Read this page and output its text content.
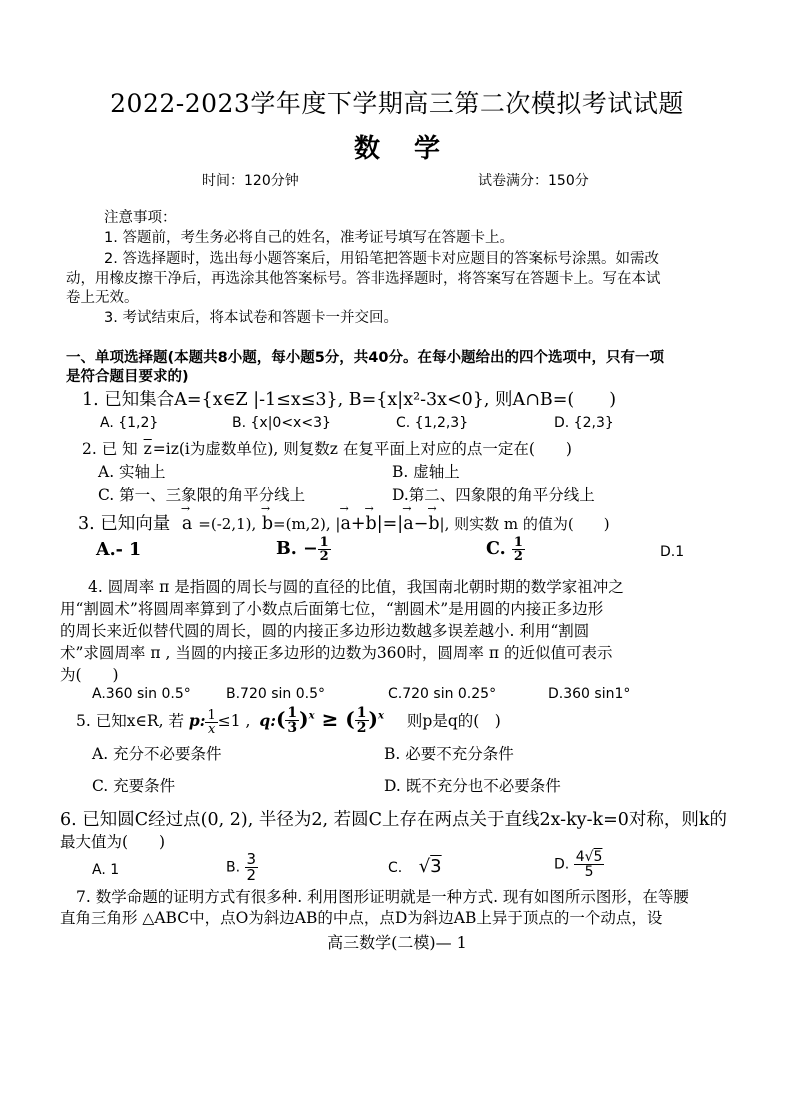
2022-2023学年度下学期高三第二次模拟考试试题
数学
时间：120分钟	试卷满分：150分
注意事项：
1. 答题前，考生务必将自己的姓名，准考证号填写在答题卡上。
2. 答选择题时，选出每小题答案后，用铅笔把答题卡对应题目的答案标号涂黑。如需改
动，用橡皮擦干净后，再选涂其他答案标号。答非选择题时，将答案写在答题卡上。写在本试
卷上无效。
3. 考试结束后，将本试卷和答题卡一并交回。
一、单项选择题(本题共8小题，每小题5分，共40分。在每小题给出的四个选项中，只有一项
是符合题目要求的)
1. 已知集合A={x∈Z |-1≤x≤3}, B={x|x²-3x<0}, 则A∩B=(　　)
A. {1,2}	B. {x|0<x<3}	C. {1,2,3}	D. {2,3}
2. 已 知 $\overline{z}=iz(i$为虚数单位), 则复数z 在复平面上对应的点一定在(　　)
A. 实轴上	B. 虚轴上
C. 第一、三象限的角平分线上	D.第二、四象限的角平分线上
3. 已知向量 → a =(-2,1), → b=(m,2), |→ a+→ b|=|→ a−→ b|, 则实数 m 的值为(　　)
A.- 1	B. − $\frac{1}{2}$	C. $\frac{1}{2}$	D.1
4. 圆周率 π 是指圆的周长与圆的直径的比值，我国南北朝时期的数学家祖冲之
用“割圆术”将圆周率算到了小数点后面第七位，“割圆术”是用圆的内接正多边形
的周长来近似替代圆的周长，圆的内接正多边形边数越多误差越小. 利用“割圆
术”求圆周率 π , 当圆的内接正多边形的边数为360时，圆周率 π 的近似值可表示
为(　　)
A.360 sin 0.5°	B.720 sin 0.5°	C.720 sin 0.25°	D.360 sin1°
5. 已知x∈R, 若 p: $\frac{1}{x} \le 1$ , q:( $\frac{1}{3} )^x$ ≥ ( $\frac{1}{2} )^x$ 则p是q的(　)
A. 充分不必要条件	B. 必要不充分条件
C. 充要条件	D. 既不充分也不必要条件
6. 已知圆C经过点(0, 2), 半径为2, 若圆C上存在两点关于直线2x-ky-k=0对称，则k的
最大值为(　　)
A. 1	B. $\frac{3}{2}$	C. √3	D. $\frac{4√5}{5}$
7. 数学命题的证明方式有很多种. 利用图形证明就是一种方式. 现有如图所示图形，在等腰
直角三角形 △ABC中，点O为斜边AB的中点，点D为斜边AB上异于顶点的一个动点，设
高三数学(二模)— 1
